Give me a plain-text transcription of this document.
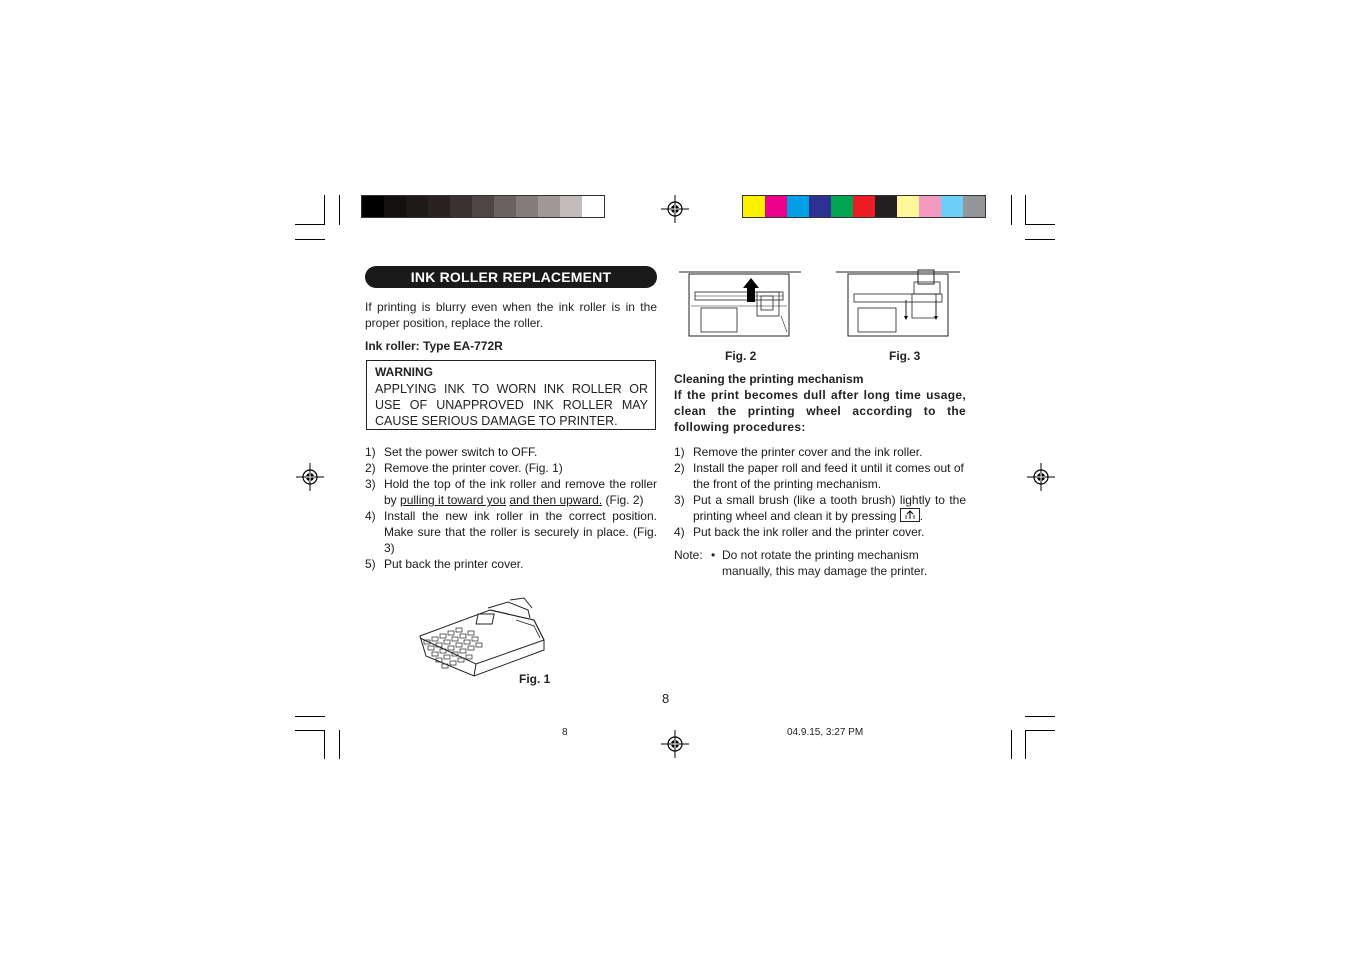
INK ROLLER REPLACEMENT
If printing is blurry even when the ink roller is in the proper position, replace the roller.
Ink roller: Type EA-772R
WARNING
APPLYING INK TO WORN INK ROLLER OR USE OF UNAPPROVED INK ROLLER MAY CAUSE SERIOUS DAMAGE TO PRINTER.
1) Set the power switch to OFF.
2) Remove the printer cover. (Fig. 1)
3) Hold the top of the ink roller and remove the roller by pulling it toward you and then upward. (Fig. 2)
4) Install the new ink roller in the correct position. Make sure that the roller is securely in place. (Fig. 3)
5) Put back the printer cover.
Fig. 1
Fig. 2	Fig. 3
Cleaning the printing mechanism
If the print becomes dull after long time usage, clean the printing wheel according to the following procedures:
1) Remove the printer cover and the ink roller.
2) Install the paper roll and feed it until it comes out of the front of the printing mechanism.
3) Put a small brush (like a tooth brush) lightly to the printing wheel and clean it by pressing
.
4) Put back the ink roller and the printer cover.
Note: • Do not rotate the printing mechanism manually, this may damage the printer.
8
8	04.9.15, 3:27 PM
